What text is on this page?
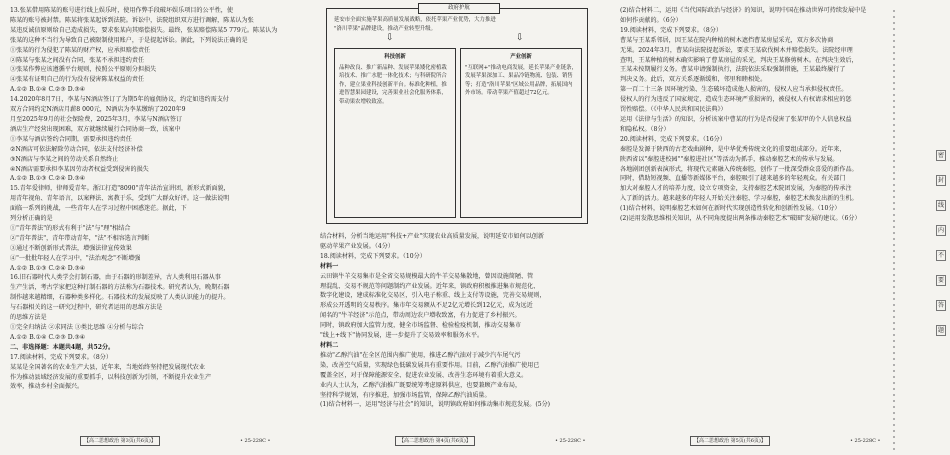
13.张某借用陈某的账号进行线上娱乐时，使用作弊手段破坏娱乐项目的公平性，使

陈某的账号被封禁。陈某将张某起诉到法院。诉讼中，法院组织双方进行调解，陈某认为张

某违反诚信原则给自己造成损失，要求张某向其赔偿损失。最终，张某赔偿陈某5 779元。陈某认为

张某的这种不当行为导致自己被限制使用账户，于是提起诉讼。据此，下列说法正确的是

①张某的行为侵犯了陈某的财产权，应承担赔偿责任

②陈某与张某之间没有合同，张某不承担违约责任

③张某作弊应该遵循平台规则，按照公平原则分担损失

④张某有证明自己的行为没有侵害陈某权益的责任

A.①② B.①④ C.②③ D.③④

14.2020年8月7日，李某与N酒店签订了为期5年的雇佣协议，约定如违约需支付

双方合同约定N酒店月薪8 000元，N酒店为李某缴纳了2020年9

月至2025年9月的社会保险费，2025年3月，李某与N酒店签订

酒店生产经营出现困难，双方就继续履行合同协商一致，该案中

①李某与酒店签约合同期，需要承担违约责任

②N酒店可依法解除劳动合同，依法支付经济补偿

③N酒店与李某之间的劳动关系自然终止

④N酒店需要承担李某因劳动者权益受到侵害的损失

A.①② B.①③ C.②④ D.③④

15.青年爱律师，律师爱青年。浙江打造"8090"青年法治宣讲团，新形式新面貌，

用青年视角、青年语言，以案释法、寓教于乐，受到广大群众好评。这一做法说明

面临一系列的挑战，一些青年人在学习过程中困惑迷茫。据此，下

列分析正确的是

①"青年普法"的形式有利于"法"与"理"相结合

②"青年普法"，青年带动青年，"法"不相容选言判断

③通过不断创新形式普法，增强法律宣传效果

④"一批批年轻人在学习中，"法治观念"不断增强

A.①② B.①③ C.②④ D.③④

16.旧石器时代人类学会打制石器，由于石器的形制差异，古人类利用石器从事

生产生活，考古学家把这种打制石器的方法称为石器技术。研究者认为，晚期石器

制作越来越精细，石器种类多样化。石器技术的发展反映了人类认识能力的提升。

与石器相关的这一研究过程中，研究者运用的思维方法是

的思维方法是

①完全归纳法 ②求同法 ③类比思维 ④分析与综合

A.①② B.①④ C.②③ D.③④

二、非选择题：本题共4题，共52分。

17.阅读材料，完成下列要求。（8分）

某某是全国著名的农业生产大县，近年来，当地始终坚持把发展现代农业

作为推动县域经济发展的重要抓手，以科技创新为引领，不断提升农业生产

效率，推动乡村全面振兴。

政府护航
延安市全面实施苹果高质量发展战略，依托苹果产业优势，大力推进
"洛川苹果"品牌建设，推动产业转型升级。
⇩	⇩
科技创新
品种改良、推广新品种、发展苹果矮化密植栽培技术、推广水肥一体化技术；与科研院所合作，建立果业科技创新平台。标准化种植，推进智慧果园建设，完善果业社会化服务体系，带动果农增收致富。
产业创新
"互联网+"推动电商发展，延长苹果产业链条，发展苹果深加工、果品冷链物流、包装、销售等；打造"洛川苹果"区域公用品牌，拓展国内外市场。带动苹果产值超过72亿元。

结合材料，分析当地运用"科技+产业"实现农业高质量发展，说明延安市如何以创新

驱动苹果产业发展。（4分）

18.阅读材料，完成下列要求。（10分）

材料一

云田镇牛羊交易集市是全省交易规模最大的牛羊交易集散地，曾因设施简陋、管

理混乱、交易不规范等问题制约产业发展。近年来，镇政府积极推进集市规范化、

数字化建设，建成标准化交易区，引入电子称重、线上支付等设施，完善交易规则，

形成公开透明的交易秩序。集市年交易额从不足2亿元增长到12亿元，成为远近

闻名的"牛羊经济"示范点，带动周边农户增收致富，有力促进了乡村振兴。

同时，镇政府加大监管力度，健全市场监督、检验检疫机制，推动交易集市

"线上+线下"协同发展，进一步提升了交易效率和服务水平。

材料二

推动"乙醇汽油"在全区范围内推广使用，推进乙醇汽油对于减少汽车尾气污

染，改善空气质量，实现绿色低碳发展具有重要作用。目前，乙醇汽油推广使用已

覆盖全区，对于保障能源安全、促进农业发展、改善生态环境有着重大意义。

业内人士认为，乙醇汽油推广既要统筹考虑原料供应，也要兼顾产业布局，

坚持科学规划，有序推进，加强市场监管，保障乙醇汽油质量。

(1)结合材料一，运用"经济与社会"的知识，说明镇政府如何推动集市规范发展。(5分)

(2)结合材料二，运用《当代国际政治与经济》的知识，说明中国在推动世界可持续发展中是

如何作贡献的。（6分）

19.阅读材料，完成下列要求。（8分）

曹某与王某系邻居，因王某在院内种植的树木遮挡曹某房屋采光，双方多次协商

无果。2024年3月，曹某向法院提起诉讼，要求王某砍伐树木并赔偿损失。法院经审理

查明，王某种植的树木确实影响了曹某房屋的采光，判决王某修剪树木。在判决生效后，

王某未按期履行义务。曹某申请强制执行，法院依法采取强制措施，王某最终履行了

判决义务。此后，双方关系逐渐缓和，邻里和睦相处。

第一百二十三条 因环境污染、生态破坏造成他人损害的，侵权人应当承担侵权责任。

侵权人的行为违反了国家规定，造成生态环境严重损害的，被侵权人有权请求相应的惩

罚性赔偿。（《中华人民共和国民法典》）

运用《法律与生活》的知识，分析该案中曹某的行为是否侵害了张某甲的个人信息权益

和隐私权。（8分）

20.阅读材料，完成下列要求。（16分）

秦腔是发源于陕西的古老戏曲剧种，是中华优秀传统文化的重要组成部分。近年来，

陕西省以"秦腔进校园""秦腔进社区"等活动为抓手，推动秦腔艺术的传承与发展。

各地剧团创新表演形式，将现代元素融入传统秦腔，创作了一批深受群众喜爱的新作品。

同时，借助短视频、直播等新媒体平台，秦腔吸引了越来越多的年轻观众。有关部门

加大对秦腔人才的培养力度，设立专项资金，支持秦腔艺术院团发展，为秦腔的传承注

入了新的活力。越来越多的年轻人开始关注秦腔、学习秦腔，秦腔艺术焕发出新的生机。

(1)结合材料，说明秦腔艺术如何在新时代实现创造性转化和创新性发展。（10分）

(2)运用发散思维相关知识，从不同角度提出两条推动秦腔艺术"破圈"发展的建议。（6分）

【高二思想政治 第3页(共6页)】	• 25-228C •	【高二思想政治 第4页(共6页)】	• 25-228C •	【高二思想政治 第5页(共6页)】	• 25-228C •
密
封
线
内
不
要
答
题
